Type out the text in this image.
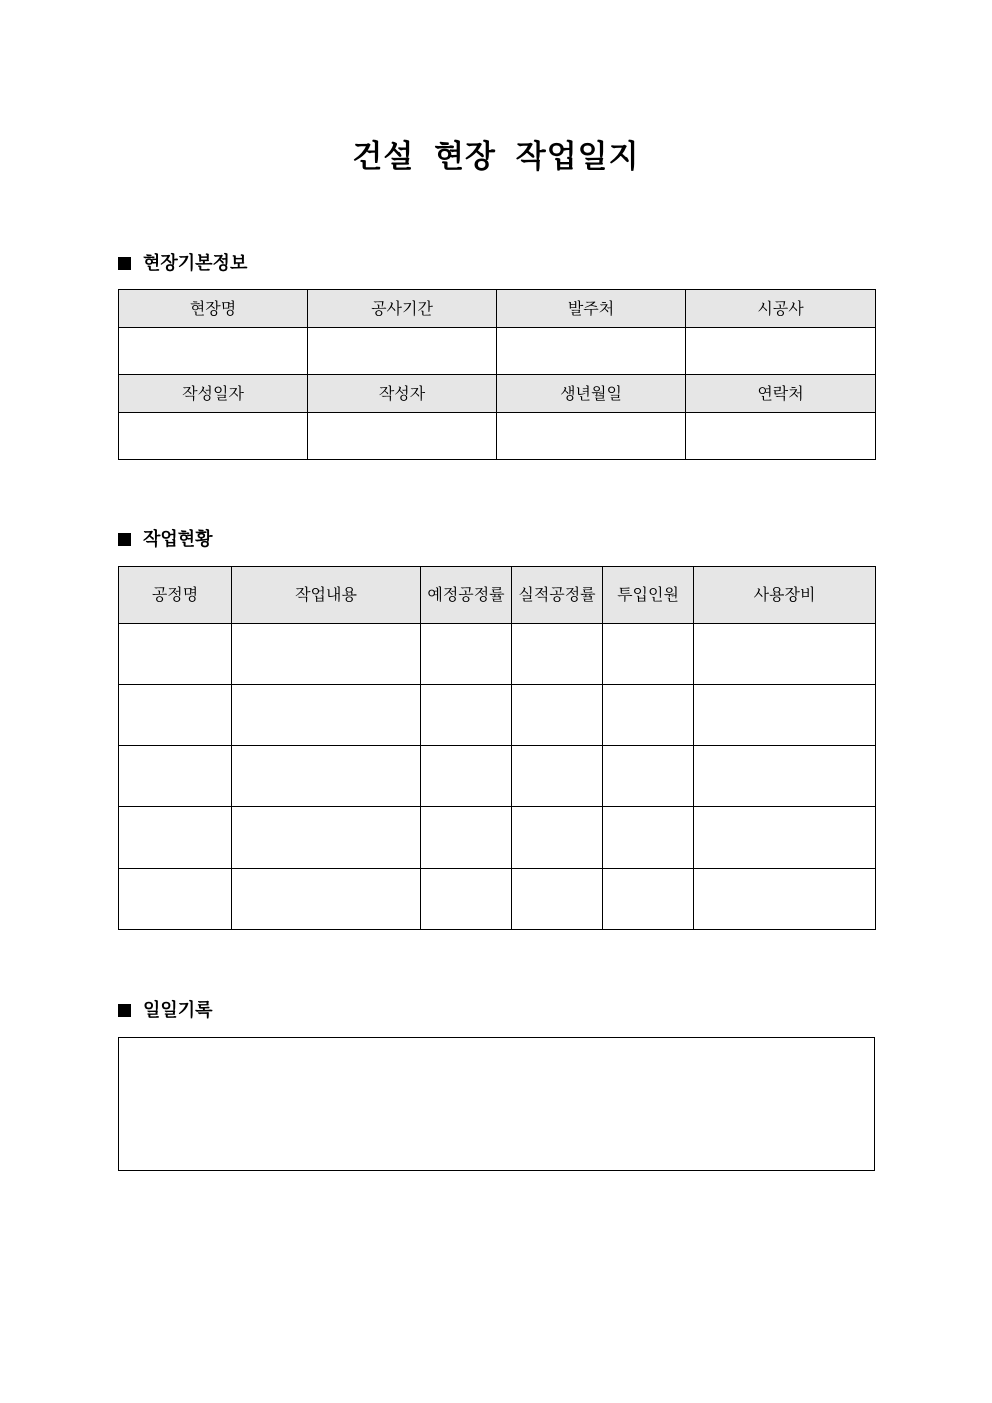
건설 현장 작업일지
현장기본정보
현장명	공사기간	발주처	시공사

작성일자	작성자	생년월일	연락처

작업현황
공정명	작업내용	예정공정률	실적공정률	투입인원	사용장비

일일기록
